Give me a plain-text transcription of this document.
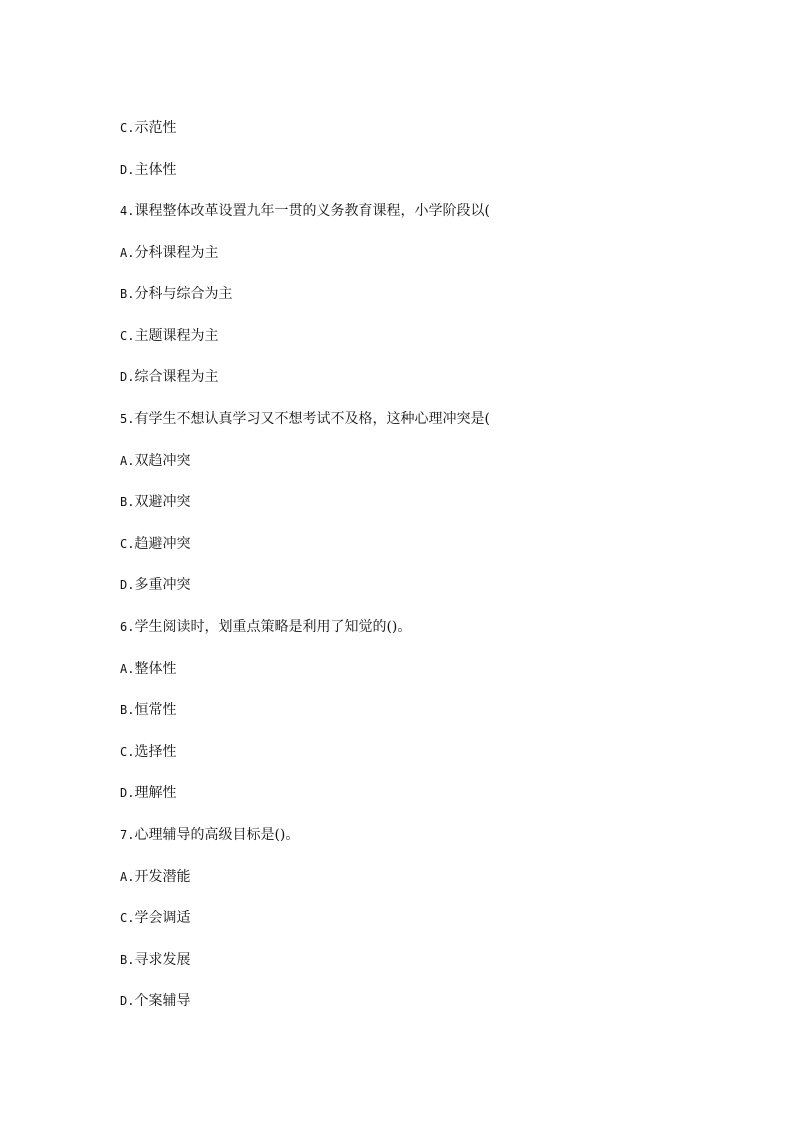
C.示范性
D.主体性
4.课程整体改革设置九年一贯的义务教育课程，小学阶段以(
A.分科课程为主
B.分科与综合为主
C.主题课程为主
D.综合课程为主
5.有学生不想认真学习又不想考试不及格，这种心理冲突是(
A.双趋冲突
B.双避冲突
C.趋避冲突
D.多重冲突
6.学生阅读时，划重点策略是利用了知觉的()。
A.整体性
B.恒常性
C.选择性
D.理解性
7.心理辅导的高级目标是()。
A.开发潜能
C.学会调适
B.寻求发展
D.个案辅导
